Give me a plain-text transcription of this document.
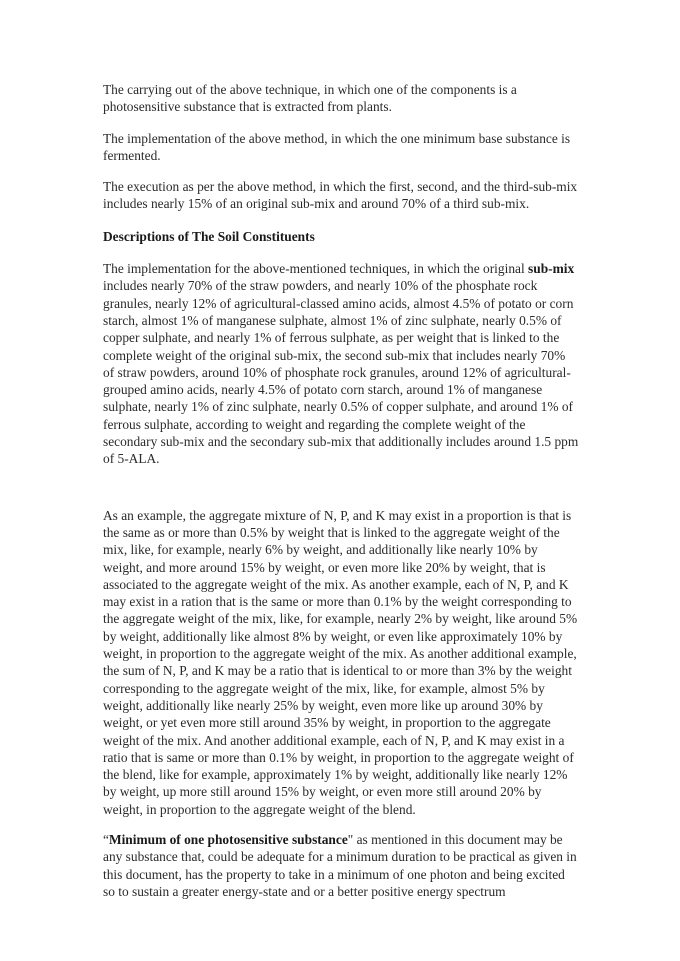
The carrying out of the above technique, in which one of the components is a photosensitive substance that is extracted from plants.

The implementation of the above method, in which the one minimum base substance is fermented.

The execution as per the above method, in which the first, second, and the third-sub-mix includes nearly 15% of an original sub-mix and around 70% of a third sub-mix.

Descriptions of The Soil Constituents

The implementation for the above-mentioned techniques, in which the original sub-mix includes nearly 70% of the straw powders, and nearly 10% of the phosphate rock granules, nearly 12% of agricultural-classed amino acids, almost 4.5% of potato or corn starch, almost 1% of manganese sulphate, almost 1% of zinc sulphate, nearly 0.5% of copper sulphate, and nearly 1% of ferrous sulphate, as per weight that is linked to the complete weight of the original sub-mix, the second sub-mix that includes nearly 70% of straw powders, around 10% of phosphate rock granules, around 12% of agricultural-grouped amino acids, nearly 4.5% of potato corn starch, around 1% of manganese sulphate, nearly 1% of zinc sulphate, nearly 0.5% of copper sulphate, and around 1% of ferrous sulphate, according to weight and regarding the complete weight of the secondary sub-mix and the secondary sub-mix that additionally includes around 1.5 ppm of 5-ALA.

As an example, the aggregate mixture of N, P, and K may exist in a proportion is that is the same as or more than 0.5% by weight that is linked to the aggregate weight of the mix, like, for example, nearly 6% by weight, and additionally like nearly 10% by weight, and more around 15% by weight, or even more like 20% by weight, that is associated to the aggregate weight of the mix. As another example, each of N, P, and K may exist in a ration that is the same or more than 0.1% by the weight corresponding to the aggregate weight of the mix, like, for example, nearly 2% by weight, like around 5% by weight, additionally like almost 8% by weight, or even like approximately 10% by weight, in proportion to the aggregate weight of the mix. As another additional example, the sum of N, P, and K may be a ratio that is identical to or more than 3% by the weight corresponding to the aggregate weight of the mix, like, for example, almost 5% by weight, additionally like nearly 25% by weight, even more like up around 30% by weight, or yet even more still around 35% by weight, in proportion to the aggregate weight of the mix. And another additional example, each of N, P, and K may exist in a ratio that is same or more than 0.1% by weight, in proportion to the aggregate weight of the blend, like for example, approximately 1% by weight, additionally like nearly 12% by weight, up more still around 15% by weight, or even more still around 20% by weight, in proportion to the aggregate weight of the blend.

“Minimum of one photosensitive substance" as mentioned in this document may be any substance that, could be adequate for a minimum duration to be practical as given in this document, has the property to take in a minimum of one photon and being excited so to sustain a greater energy-state and or a better positive energy spectrum
